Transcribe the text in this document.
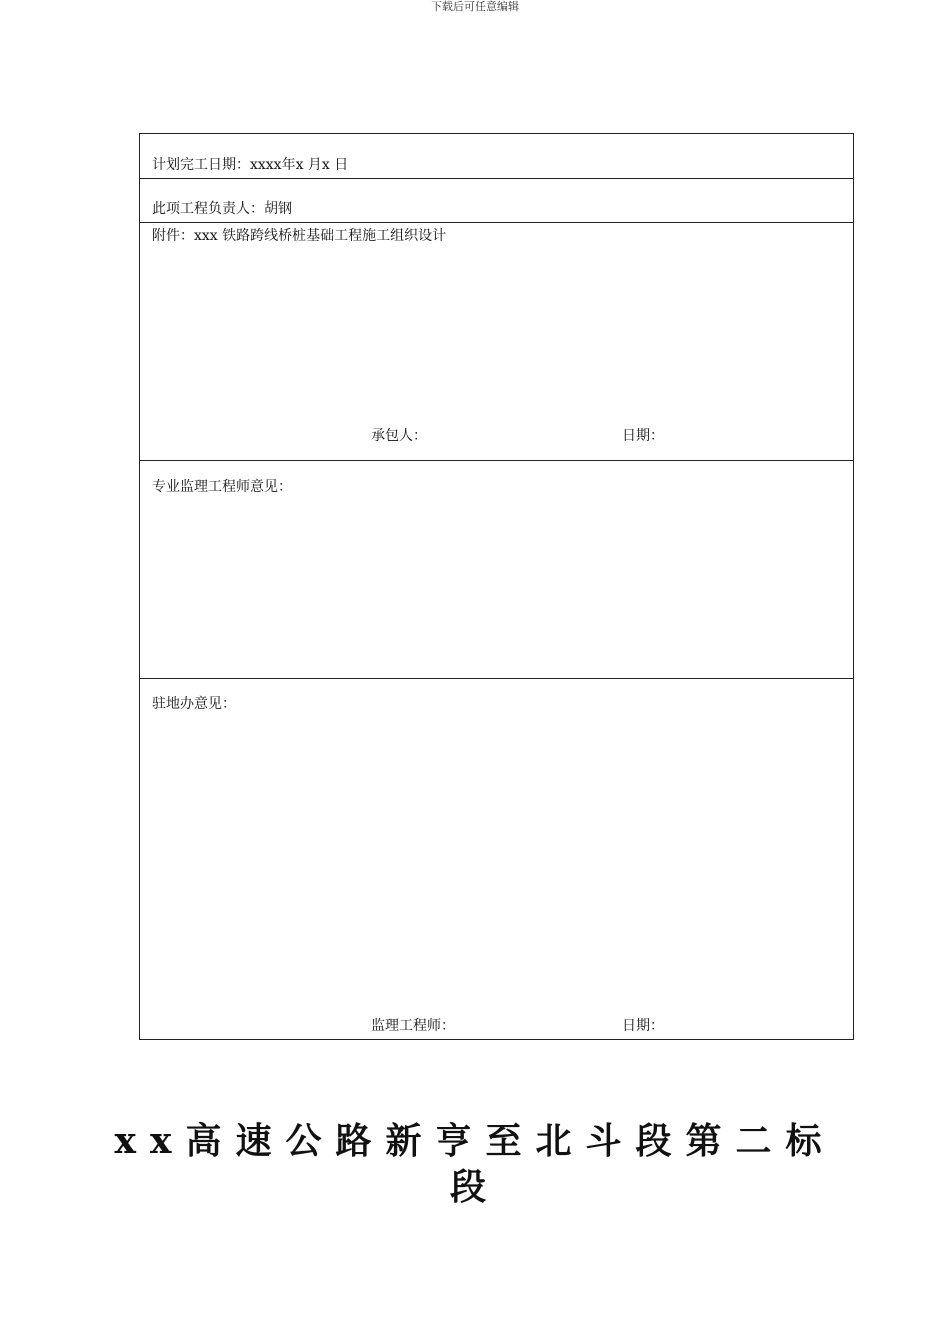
下载后可任意编辑
计划完工日期：xxxx年x 月x 日
此项工程负责人：胡钢
附件：xxx 铁路跨线桥桩基础工程施工组织设计
承包人：	日期：
专业监理工程师意见：
驻地办意见：
监理工程师：	日期：
xx高速公路新亨至北斗段第二标
段
